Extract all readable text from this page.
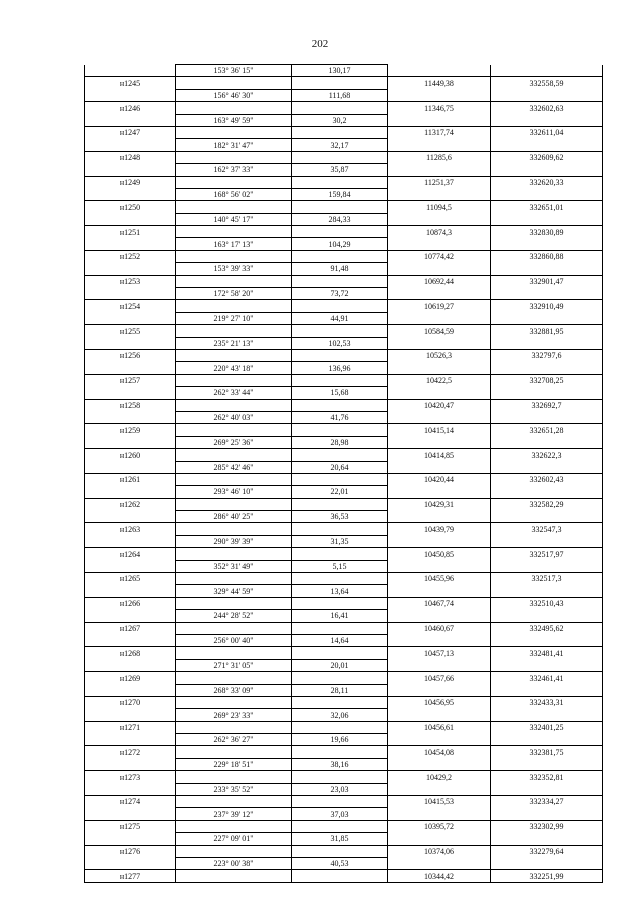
202
	153° 36' 15"	130,17		
н1245			11449,38	332558,59
	156° 46' 30"	111,68		
н1246			11346,75	332602,63
	163° 49' 59"	30,2		
н1247			11317,74	332611,04
	182° 31' 47"	32,17		
н1248			11285,6	332609,62
	162° 37' 33"	35,87		
н1249			11251,37	332620,33
	168° 56' 02"	159,84		
н1250			11094,5	332651,01
	140° 45' 17"	284,33		
н1251			10874,3	332830,89
	163° 17' 13"	104,29		
н1252			10774,42	332860,88
	153° 39' 33"	91,48		
н1253			10692,44	332901,47
	172° 58' 20"	73,72		
н1254			10619,27	332910,49
	219° 27' 10"	44,91		
н1255			10584,59	332881,95
	235° 21' 13"	102,53		
н1256			10526,3	332797,6
	220° 43' 18"	136,96		
н1257			10422,5	332708,25
	262° 33' 44"	15,68		
н1258			10420,47	332692,7
	262° 40' 03"	41,76		
н1259			10415,14	332651,28
	269° 25' 36"	28,98		
н1260			10414,85	332622,3
	285° 42' 46"	20,64		
н1261			10420,44	332602,43
	293° 46' 10"	22,01		
н1262			10429,31	332582,29
	286° 40' 25"	36,53		
н1263			10439,79	332547,3
	290° 39' 39"	31,35		
н1264			10450,85	332517,97
	352° 31' 49"	5,15		
н1265			10455,96	332517,3
	329° 44' 59"	13,64		
н1266			10467,74	332510,43
	244° 28' 52"	16,41		
н1267			10460,67	332495,62
	256° 00' 40"	14,64		
н1268			10457,13	332481,41
	271° 31' 05"	20,01		
н1269			10457,66	332461,41
	268° 33' 09"	28,11		
н1270			10456,95	332433,31
	269° 23' 33"	32,06		
н1271			10456,61	332401,25
	262° 36' 27"	19,66		
н1272			10454,08	332381,75
	229° 18' 51"	38,16		
н1273			10429,2	332352,81
	233° 35' 52"	23,03		
н1274			10415,53	332334,27
	237° 39' 12"	37,03		
н1275			10395,72	332302,99
	227° 09' 01"	31,85		
н1276			10374,06	332279,64
	223° 00' 38"	40,53		
н1277			10344,42	332251,99
